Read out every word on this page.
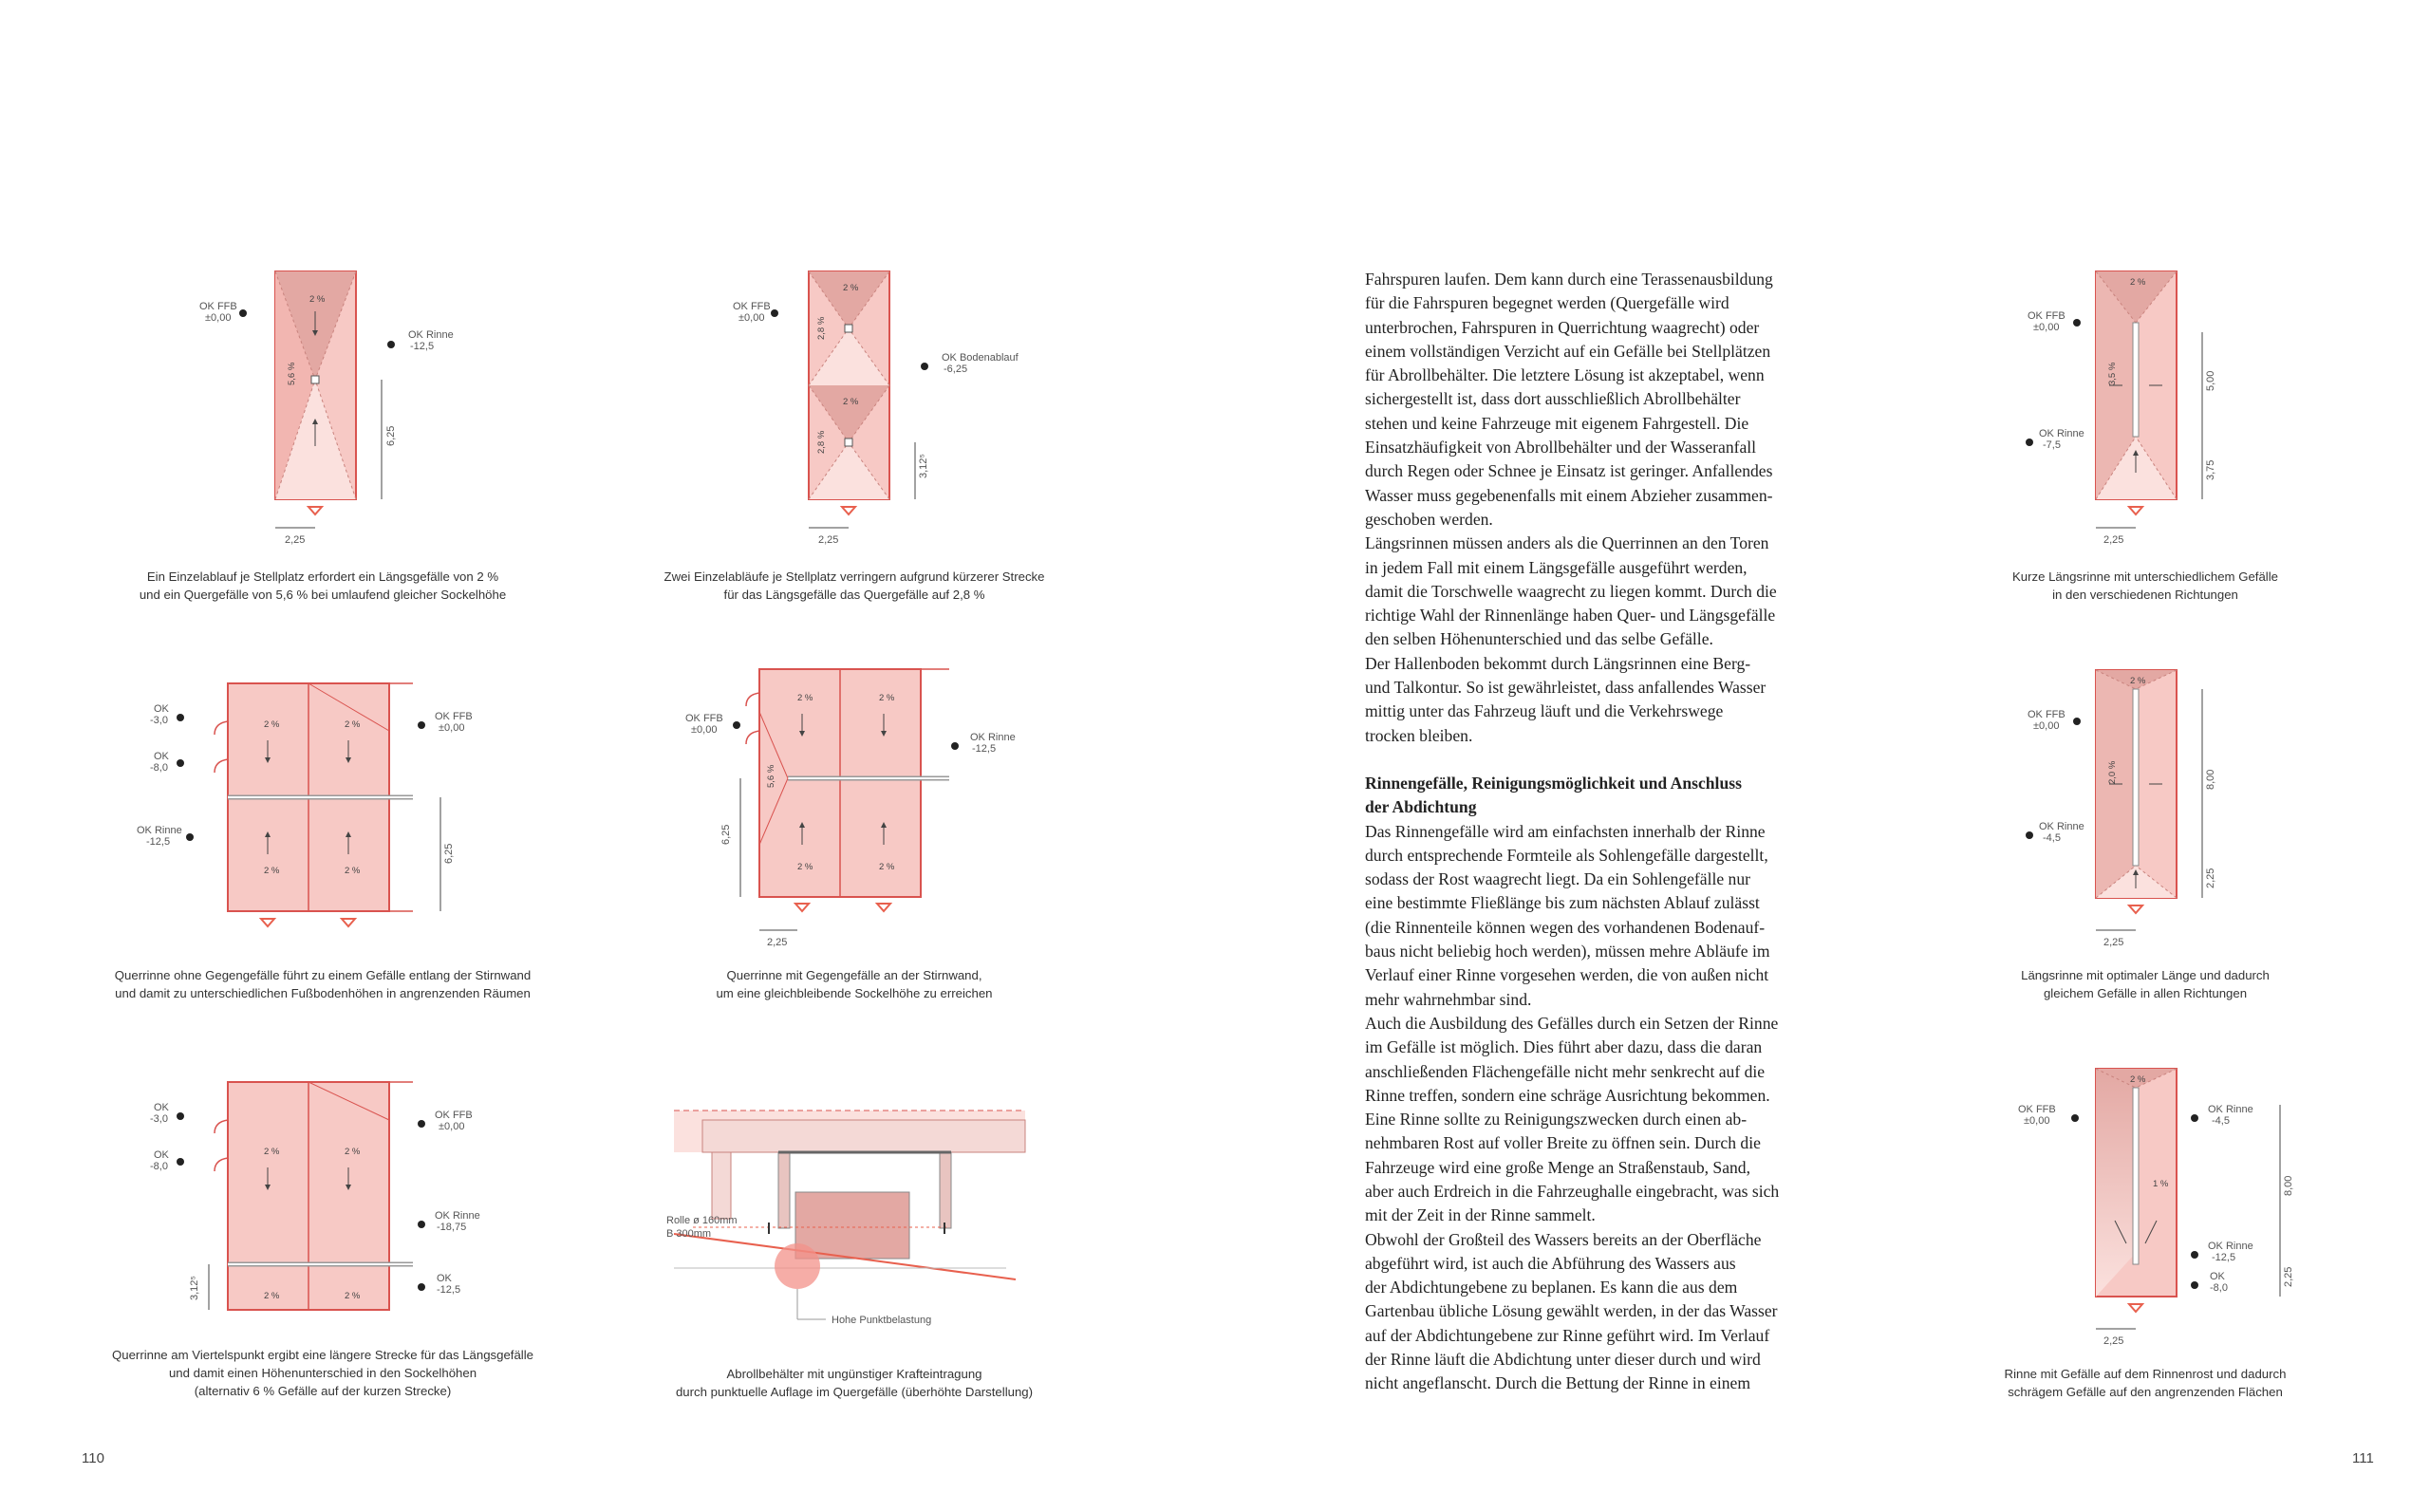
2 %
5,6 %
OK FFB
±0,00
OK Rinne
-12,5
6,25
2,25
Ein Einzelablauf je Stellplatz erfordert ein Längsgefälle von 2 %
und ein Quergefälle von 5,6 % bei umlaufend gleicher Sockelhöhe
2 %
2 %
2,8 %
2,8 %
OK FFB
±0,00
OK Bodenablauf
-6,25
3,12⁵
2,25
Zwei Einzelabläufe je Stellplatz verringern aufgrund kürzerer Strecke
für das Längsgefälle das Quergefälle auf 2,8 %
2 %	2 %
2 %	2 %
OK
-3,0
OK
-8,0
OK FFB
±0,00
OK Rinne
-12,5
6,25
Querrinne ohne Gegengefälle führt zu einem Gefälle entlang der Stirnwand
und damit zu unterschiedlichen Fußbodenhöhen in angrenzenden Räumen
2 %	2 %
2 %	2 %
5,6 %
OK FFB
±0,00
OK Rinne
-12,5
6,25
2,25
Querrinne mit Gegengefälle an der Stirnwand,
um eine gleichbleibende Sockelhöhe zu erreichen
2 %	2 %
2 %	2 %
OK
-3,0
OK
-8,0
OK FFB
±0,00
OK Rinne
-18,75
OK
-12,5
3,12⁵
Querrinne am Viertelspunkt ergibt eine längere Strecke für das Längsgefälle
und damit einen Höhenunterschied in den Sockelhöhen
(alternativ 6 % Gefälle auf der kurzen Strecke)
Rolle ø 160mm
B 300mm
Hohe Punktbelastung
Abrollbehälter mit ungünstiger Krafteintragung
durch punktuelle Auflage im Quergefälle (überhöhte Darstellung)

Fahrspuren laufen. Dem kann durch eine Terassenausbildung

für die Fahrspuren begegnet werden (Quergefälle wird

unterbrochen, Fahrspuren in Querrichtung waagrecht) oder

einem vollständigen Verzicht auf ein Gefälle bei Stellplätzen

für Abrollbehälter. Die letztere Lösung ist akzeptabel, wenn

sichergestellt ist, dass dort ausschließlich Abrollbehälter

stehen und keine Fahrzeuge mit eigenem Fahrgestell. Die

Einsatzhäufigkeit von Abrollbehälter und der Wasseranfall

durch Regen oder Schnee je Einsatz ist geringer. Anfallendes

Wasser muss gegebenenfalls mit einem Abzieher zusammen-

geschoben werden.

Längsrinnen müssen anders als die Querrinnen an den Toren

in jedem Fall mit einem Längsgefälle ausgeführt werden,

damit die Torschwelle waagrecht zu liegen kommt. Durch die

richtige Wahl der Rinnenlänge haben Quer- und Längsgefälle

den selben Höhenunterschied und das selbe Gefälle.

Der Hallenboden bekommt durch Längsrinnen eine Berg-

und Talkontur. So ist gewährleistet, dass anfallendes Wasser

mittig unter das Fahrzeug läuft und die Verkehrswege

trocken bleiben.

Rinnengefälle, Reinigungsmöglichkeit und Anschluss
der Abdichtung

Das Rinnengefälle wird am einfachsten innerhalb der Rinne

durch entsprechende Formteile als Sohlengefälle dargestellt,

sodass der Rost waagrecht liegt. Da ein Sohlengefälle nur

eine bestimmte Fließlänge bis zum nächsten Ablauf zulässt

(die Rinnenteile können wegen des vorhandenen Bodenauf-

baus nicht beliebig hoch werden), müssen mehre Abläufe im

Verlauf einer Rinne vorgesehen werden, die von außen nicht

mehr wahrnehmbar sind.

Auch die Ausbildung des Gefälles durch ein Setzen der Rinne

im Gefälle ist möglich. Dies führt aber dazu, dass die daran

anschließenden Flächengefälle nicht mehr senkrecht auf die

Rinne treffen, sondern eine schräge Ausrichtung bekommen.

Eine Rinne sollte zu Reinigungszwecken durch einen ab-

nehmbaren Rost auf voller Breite zu öffnen sein. Durch die

Fahrzeuge wird eine große Menge an Straßenstaub, Sand,

aber auch Erdreich in die Fahrzeughalle eingebracht, was sich

mit der Zeit in der Rinne sammelt.

Obwohl der Großteil des Wassers bereits an der Oberfläche

abgeführt wird, ist auch die Abführung des Wassers aus

der Abdichtungebene zu beplanen. Es kann die aus dem

Gartenbau übliche Lösung gewählt werden, in der das Wasser

auf der Abdichtungebene zur Rinne geführt wird. Im Verlauf

der Rinne läuft die Abdichtung unter dieser durch und wird

nicht angeflanscht. Durch die Bettung der Rinne in einem

2 %
3,5 %
OK FFB
±0,00
OK Rinne
-7,5
5,00
3,75
2,25
Kurze Längsrinne mit unterschiedlichem Gefälle
in den verschiedenen Richtungen
2 %
2,0 %
OK FFB
±0,00
OK Rinne
-4,5
8,00
2,25
2,25
Längsrinne mit optimaler Länge und dadurch
gleichem Gefälle in allen Richtungen
2 %
1 %
OK FFB
±0,00
OK Rinne
-4,5
OK Rinne
-12,5
OK
-8,0
8,00
2,25
2,25
Rinne mit Gefälle auf dem Rinnenrost und dadurch
schrägem Gefälle auf den angrenzenden Flächen
110	111
